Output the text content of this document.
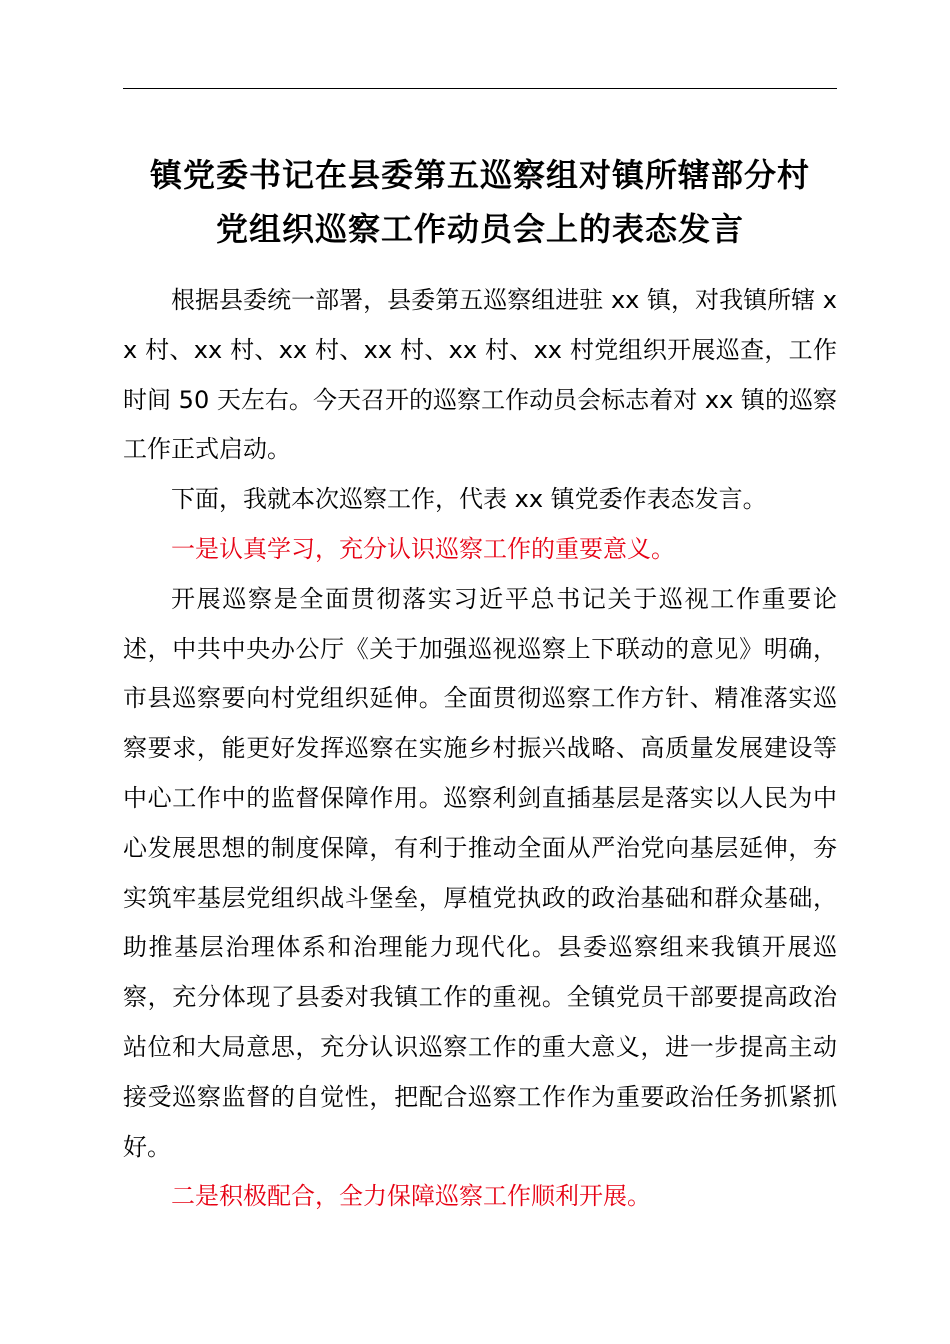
镇党委书记在县委第五巡察组对镇所辖部分村
党组织巡察工作动员会上的表态发言

根据县委统一部署，县委第五巡察组进驻 xx 镇，对我镇所辖 xx 村、xx 村、xx 村、xx 村、xx 村、xx 村党组织开展巡查，工作时间 50 天左右。今天召开的巡察工作动员会标志着对 xx 镇的巡察工作正式启动。

下面，我就本次巡察工作，代表 xx 镇党委作表态发言。

一是认真学习，充分认识巡察工作的重要意义。

开展巡察是全面贯彻落实习近平总书记关于巡视工作重要论述，中共中央办公厅《关于加强巡视巡察上下联动的意见》明确，市县巡察要向村党组织延伸。全面贯彻巡察工作方针、精准落实巡察要求，能更好发挥巡察在实施乡村振兴战略、高质量发展建设等中心工作中的监督保障作用。巡察利剑直插基层是落实以人民为中心发展思想的制度保障，有利于推动全面从严治党向基层延伸，夯实筑牢基层党组织战斗堡垒，厚植党执政的政治基础和群众基础，助推基层治理体系和治理能力现代化。县委巡察组来我镇开展巡察，充分体现了县委对我镇工作的重视。全镇党员干部要提高政治站位和大局意思，充分认识巡察工作的重大意义，进一步提高主动接受巡察监督的自觉性，把配合巡察工作作为重要政治任务抓紧抓好。

二是积极配合，全力保障巡察工作顺利开展。
